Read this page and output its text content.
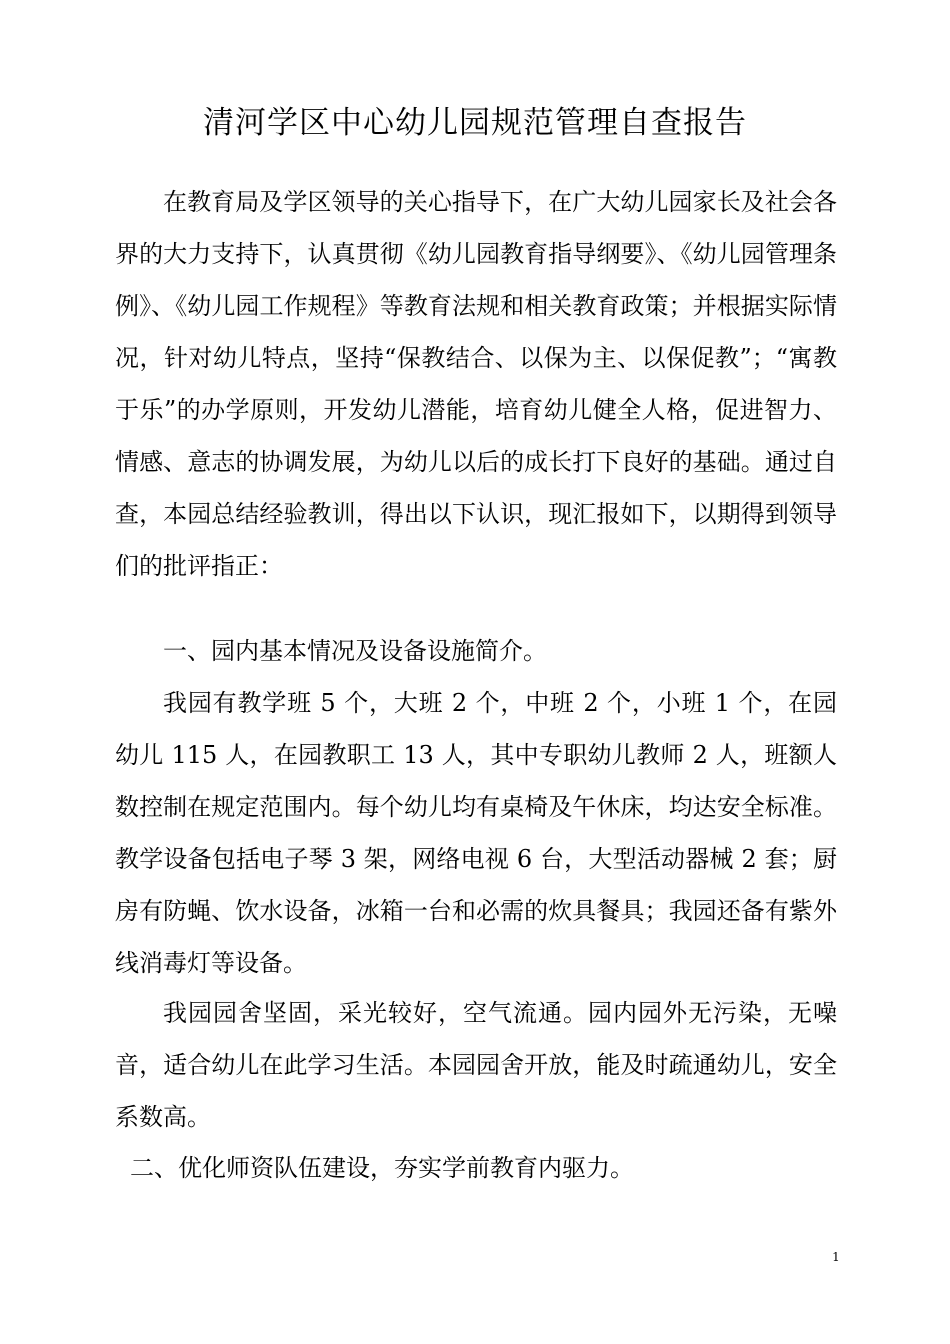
清河学区中心幼儿园规范管理自查报告

在教育局及学区领导的关心指导下，在广大幼儿园家长及社会各界的大力支持下，认真贯彻《幼儿园教育指导纲要》、《幼儿园管理条例》、《幼儿园工作规程》等教育法规和相关教育政策；并根据实际情况，针对幼儿特点，坚持“保教结合、以保为主、以保促教”；“寓教于乐”的办学原则，开发幼儿潜能，培育幼儿健全人格，促进智力、情感、意志的协调发展，为幼儿以后的成长打下良好的基础。通过自查，本园总结经验教训，得出以下认识，现汇报如下，以期得到领导们的批评指正：

一、园内基本情况及设备设施简介。

我园有教学班 5 个，大班 2 个，中班 2 个，小班 1 个，在园幼儿 115 人，在园教职工 13 人，其中专职幼儿教师 2 人，班额人数控制在规定范围内。每个幼儿均有桌椅及午休床，均达安全标准。教学设备包括电子琴 3 架，网络电视 6 台，大型活动器械 2 套；厨房有防蝇、饮水设备，冰箱一台和必需的炊具餐具；我园还备有紫外线消毒灯等设备。

我园园舍坚固，采光较好，空气流通。园内园外无污染，无噪音，适合幼儿在此学习生活。本园园舍开放，能及时疏通幼儿，安全系数高。

二、优化师资队伍建设，夯实学前教育内驱力。

1
